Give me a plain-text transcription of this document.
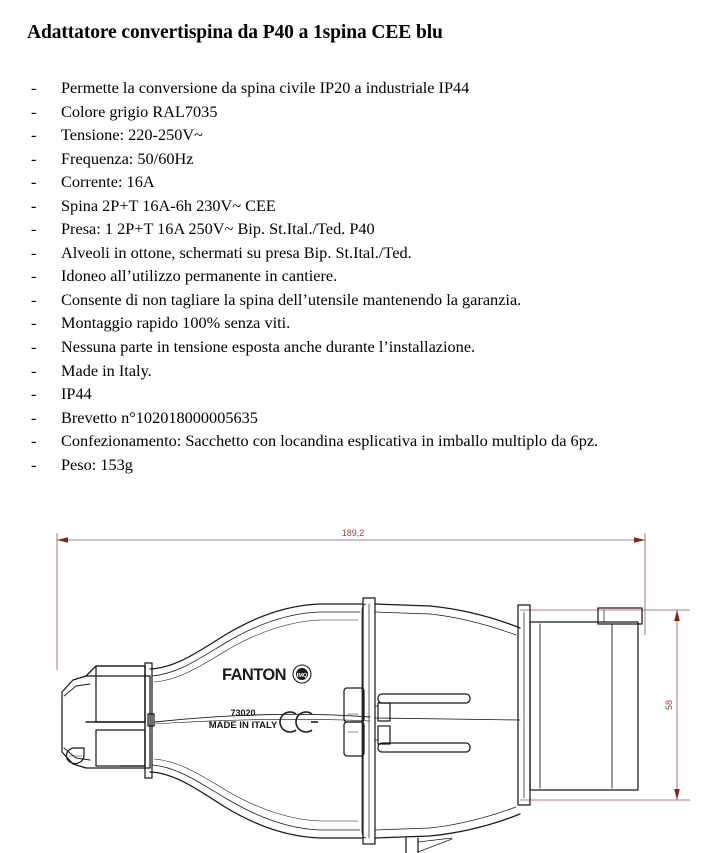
Adattatore convertispina da P40 a 1spina CEE blu
-	Permette la conversione da spina civile IP20 a industriale IP44
-	Colore grigio RAL7035
-	Tensione: 220-250V~
-	Frequenza: 50/60Hz
-	Corrente: 16A
-	Spina 2P+T 16A-6h 230V~ CEE
-	Presa: 1 2P+T 16A 250V~ Bip. St.Ital./Ted. P40
-	Alveoli in ottone, schermati su presa Bip. St.Ital./Ted.
-	Idoneo all’utilizzo permanente in cantiere.
-	Consente di non tagliare la spina dell’utensile mantenendo la garanzia.
-	Montaggio rapido 100% senza viti.
-	Nessuna parte in tensione esposta anche durante l’installazione.
-	Made in Italy.
-	IP44
-	Brevetto n°102018000005635
-	Confezionamento: Sacchetto con locandina esplicativa in imballo multiplo da 6pz.
-	Peso: 153g
189,2
58
FANTON IMQ
73020
MADE IN ITALY
